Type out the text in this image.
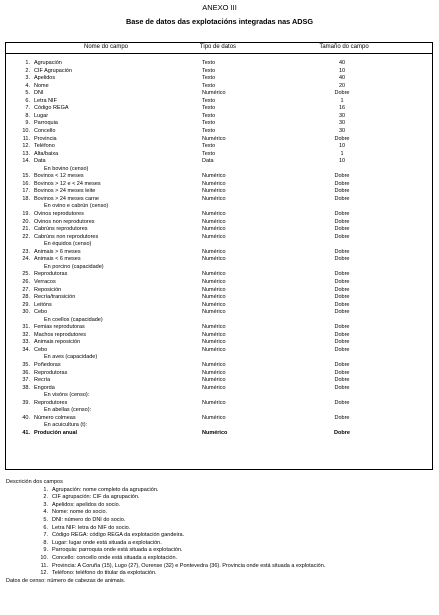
ANEXO III
Base de datos das explotacións integradas nas ADSG
Nome do campo	Tipo de datos	Tamaño do campo
1. Agrupación	Texto	40
2. CIF Agrupación	Texto	10
3. Apelidos	Texto	40
4. Nome	Texto	20
5. DNI	Numérico	Dobre
6. Letra NIF	Texto	1
7. Código REGA	Texto	16
8. Lugar	Texto	30
9. Parroquia	Texto	30
10. Concello	Texto	30
11. Provincia	Numérico	Dobre
12. Teléfono	Texto	10
13. Alta/baixa	Texto	1
14. Data	Data	10
En bovino (censo)
15. Bovinos < 12 meses	Numérico	Dobre
16. Bovinos > 12 e < 24 meses	Numérico	Dobre
17. Bovinos > 24 meses leite	Numérico	Dobre
18. Bovinos > 24 meses carne	Numérico	Dobre
En ovino e cabrún (censo)
19. Ovinos reprodutores	Numérico	Dobre
20. Ovinos non reprodutores	Numérico	Dobre
21. Cabrúns reprodutores	Numérico	Dobre
22. Cabrúns non reprodutores	Numérico	Dobre
En équidos (censo)
23. Animais > 6 meses	Numérico	Dobre
24. Animais < 6 meses	Numérico	Dobre
En porcino (capacidade)
25. Reprodutoras	Numérico	Dobre
26. Verracos	Numérico	Dobre
27. Reposición	Numérico	Dobre
28. Recría/transición	Numérico	Dobre
29. Leitóns	Numérico	Dobre
30. Cebo	Numérico	Dobre
En coellos (capacidade)
31. Femias reprodutoras	Numérico	Dobre
32. Machos reprodutores	Numérico	Dobre
33. Animais reposición	Numérico	Dobre
34. Cebo	Numérico	Dobre
En aves (capacidade)
35. Poñedoras	Numérico	Dobre
36. Reprodutoras	Numérico	Dobre
37. Recría	Numérico	Dobre
38. Engorda	Numérico	Dobre
En visóns (censo):
39. Reprodutores	Numérico	Dobre
En abellas (censo):
40. Número colmeas	Numérico	Dobre
En acuicultura (t):
41. Produción anual	Numérico	Dobre
Descrición dos campos
1. Agrupación: nome completo da agrupación.
2. CIF agrupación: CIF da agrupación.
3. Apelidos: apelidos do socio.
4. Nome: nome do socio.
5. DNI: número do DNI do socio.
6. Letra NIF: letra do NIF do socio.
7. Código REGA: código REGA da explotación gandeira.
8. Lugar: lugar onde está situada a explotación.
9. Parroquia: parroquia onde está situada a explotación.
10. Concello: concello onde está situada a explotación.
11. Provincia: A Coruña (15), Lugo (27), Ourense (32) e Pontevedra (36). Provincia onde está situada a explotación.
12. Teléfono: teléfono do titular da explotación.
Datos de censo: número de cabezas de animais.
